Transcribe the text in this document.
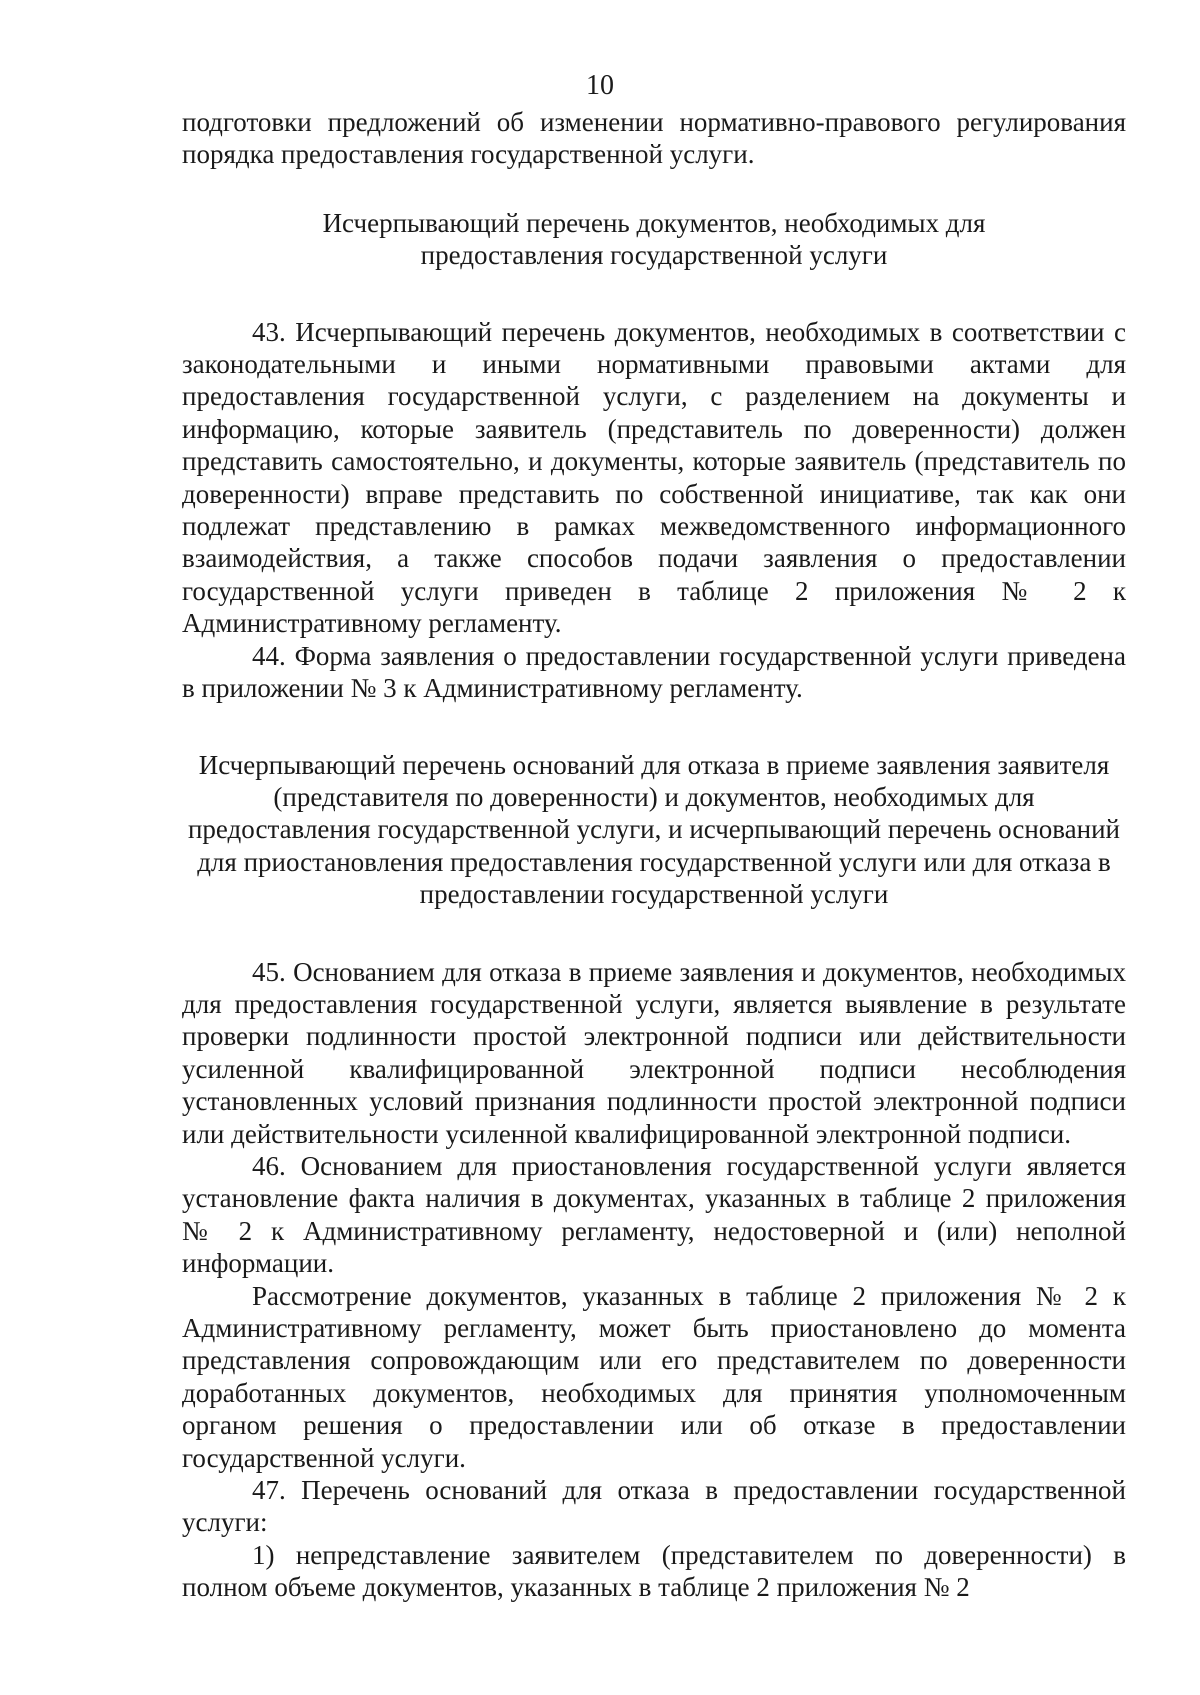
10

подготовки предложений об изменении нормативно-правового регулирования порядка предоставления государственной услуги.

Исчерпывающий перечень документов, необходимых для предоставления государственной услуги

43. Исчерпывающий перечень документов, необходимых в соответствии с законодательными и иными нормативными правовыми актами для предоставления государственной услуги, с разделением на документы и информацию, которые заявитель (представитель по доверенности) должен представить самостоятельно, и документы, которые заявитель (представитель по доверенности) вправе представить по собственной инициативе, так как они подлежат представлению в рамках межведомственного информационного взаимодействия, а также способов подачи заявления о предоставлении государственной услуги приведен в таблице 2 приложения № 2 к Административному регламенту.

44. Форма заявления о предоставлении государственной услуги приведена в приложении № 3 к Административному регламенту.

Исчерпывающий перечень оснований для отказа в приеме заявления заявителя (представителя по доверенности) и документов, необходимых для предоставления государственной услуги, и исчерпывающий перечень оснований для приостановления предоставления государственной услуги или для отказа в предоставлении государственной услуги

45. Основанием для отказа в приеме заявления и документов, необходимых для предоставления государственной услуги, является выявление в результате проверки подлинности простой электронной подписи или действительности усиленной квалифицированной электронной подписи несоблюдения установленных условий признания подлинности простой электронной подписи или действительности усиленной квалифицированной электронной подписи.

46. Основанием для приостановления государственной услуги является установление факта наличия в документах, указанных в таблице 2 приложения № 2 к Административному регламенту, недостоверной и (или) неполной информации.

Рассмотрение документов, указанных в таблице 2 приложения № 2 к Административному регламенту, может быть приостановлено до момента представления сопровождающим или его представителем по доверенности доработанных документов, необходимых для принятия уполномоченным органом решения о предоставлении или об отказе в предоставлении государственной услуги.

47. Перечень оснований для отказа в предоставлении государственной услуги:

1) непредставление заявителем (представителем по доверенности) в полном объеме документов, указанных в таблице 2 приложения № 2
